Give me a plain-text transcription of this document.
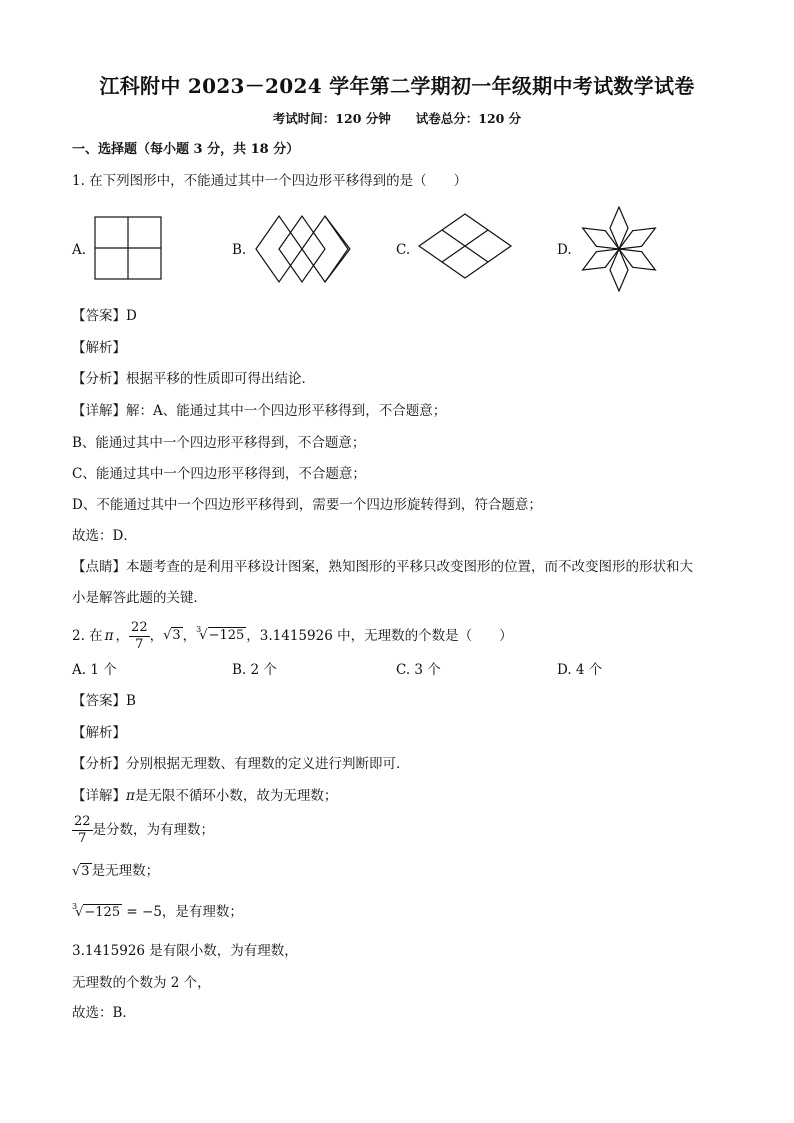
江科附中 2023－2024 学年第二学期初一年级期中考试数学试卷
考试时间：120 分钟　　试卷总分：120 分
一、选择题（每小题 3 分，共 18 分）
1. 在下列图形中，不能通过其中一个四边形平移得到的是（　　）
A.	B.	C.	D.
【答案】D
【解析】
【分析】根据平移的性质即可得出结论．
【详解】解：A、能通过其中一个四边形平移得到，不合题意；
B、能通过其中一个四边形平移得到，不合题意；
C、能通过其中一个四边形平移得到，不合题意；
D、不能通过其中一个四边形平移得到，需要一个四边形旋转得到，符合题意；
故选：D．
【点睛】本题考查的是利用平移设计图案，熟知图形的平移只改变图形的位置，而不改变图形的形状和大
小是解答此题的关键．
2. 在 π ， $\frac{22}{7}$ ， √3 ， $^3$√−125 ，3.1415926 中，无理数的个数是（　　）
A. 1 个	B. 2 个	C. 3 个	D. 4 个
【答案】B
【解析】
【分析】分别根据无理数、有理数的定义进行判断即可．
【详解】π是无限不循环小数，故为无理数；
$\frac{22}{7}$ 是分数，为有理数；
√3 是无理数；
$^3$√−125 = −5，是有理数；
3.1415926 是有限小数，为有理数，
无理数的个数为 2 个，
故选：B．
